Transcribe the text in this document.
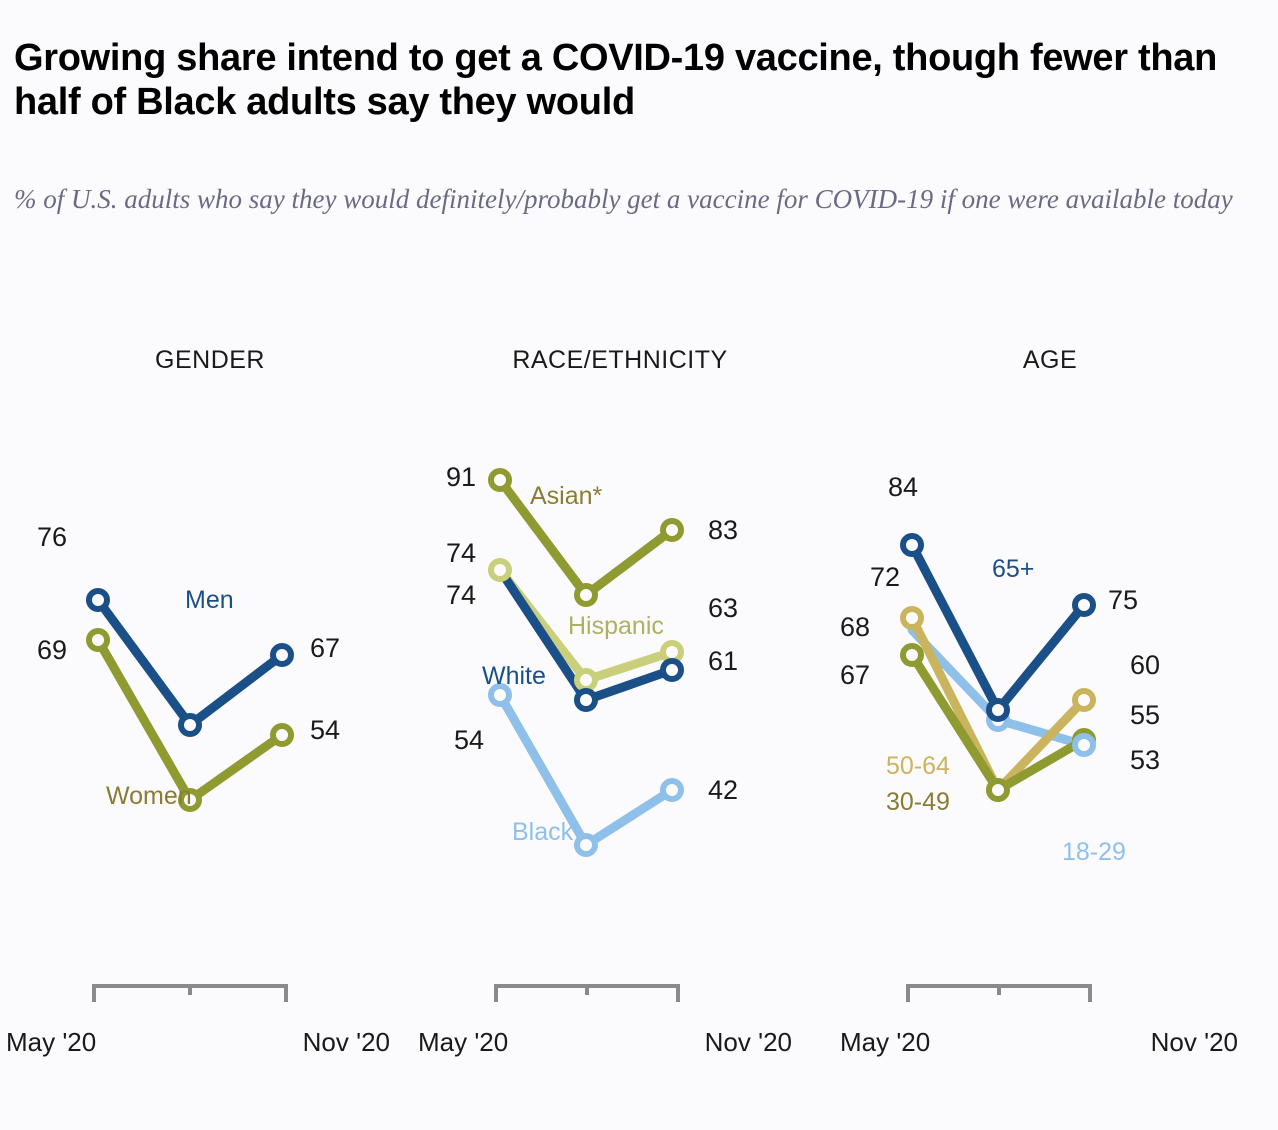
Growing share intend to get a COVID-19 vaccine, though fewer than half of Black adults say they would
% of U.S. adults who say they would definitely/probably get a vaccine for COVID-19 if one were available today
GENDER
76
69	67
54
Men
Women
May '20	Nov '20
RACE/ETHNICITY
91
74
74
54
83
63
61
42
Asian*
Hispanic
White
Black
May '20	Nov '20
AGE
84
72
68
67
75
60
55
53
65+
50-64
30-49
18-29
May '20	Nov '20
